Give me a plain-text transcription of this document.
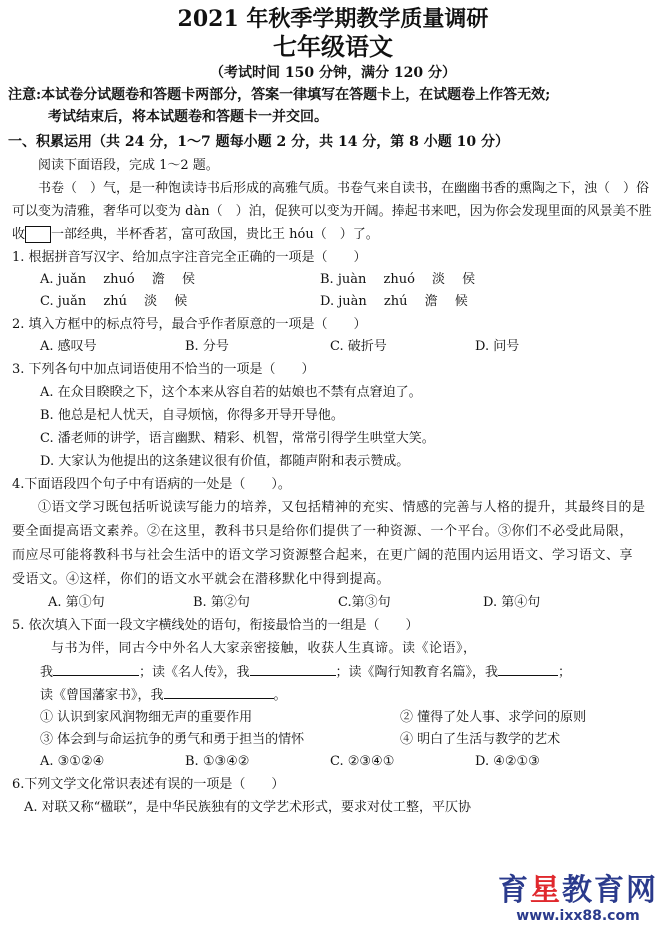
2021 年秋季学期教学质量调研
七年级语文
（考试时间 150 分钟，满分 120 分）
注意:本试卷分试题卷和答题卡两部分，答案一律填写在答题卡上，在试题卷上作答无效;
考试结束后，将本试题卷和答题卡一并交回。
一、积累运用（共 24 分，1～7 题每小题 2 分，共 14 分，第 8 小题 10 分）
阅读下面语段，完成 1～2 题。
书卷（　）气，是一种饱读诗书后形成的高雅气质。书卷气来自读书，在幽幽书香的熏陶之下，浊（　）俗可以变为清雅，奢华可以变为 dàn（　）泊，促狭可以变为开阔。捧起书来吧，因为你会发现里面的风景美不胜收 一部经典，半杯香茗，富可敌国，贵比王 hóu（　）了。
1. 根据拼音写汉字、给加点字注音完全正确的一项是（　　）
A. juǎn　 zhuó　 澹　 侯	B. juàn　 zhuó　 淡　 侯
C. juǎn　 zhú　 淡　 候	D. juàn　 zhú　 澹　 候
2. 填入方框中的标点符号，最合乎作者原意的一项是（　　）
A. 感叹号	B. 分号	C. 破折号	D. 问号
3. 下列各句中加点词语使用不恰当的一项是（　　）
A. 在众目睽睽之下，这个本来从容自若的姑娘也不禁有点窘迫了。
B. 他总是杞人忧天，自寻烦恼，你得多开导开导他。
C. 潘老师的讲学，语言幽默、精彩、机智，常常引得学生哄堂大笑。
D. 大家认为他提出的这条建议很有价值，都随声附和表示赞成。
4.下面语段四个句子中有语病的一处是（　　）。
①语文学习既包括听说读写能力的培养，又包括精神的充实、情感的完善与人格的提升，其最终目的是要全面提高语文素养。②在这里，教科书只是给你们提供了一种资源、一个平台。③你们不必受此局限，而应尽可能将教科书与社会生活中的语文学习资源整合起来，在更广阔的范围内运用语文、学习语文、享受语文。④这样，你们的语文水平就会在潜移默化中得到提高。
A. 第①句	B. 第②句	C.第③句	D. 第④句
5. 依次填入下面一段文字横线处的语句，衔接最恰当的一组是（　　）
与书为伴，同古今中外名人大家亲密接触，收获人生真谛。读《论语》，
我	；读《名人传》，我	；读《陶行知教育名篇》，我	；
读《曾国藩家书》，我	。
① 认识到家风润物细无声的重要作用	② 懂得了处人事、求学问的原则
③ 体会到与命运抗争的勇气和勇于担当的情怀	④ 明白了生活与教学的艺术
A. ③①②④	B. ①③④②	C. ②③④①	D. ④②①③
6.下列文学文化常识表述有误的一项是（　　）
A. 对联又称“楹联”，是中华民族独有的文学艺术形式，要求对仗工整，平仄协
育星教育网
www.ixx88.com
